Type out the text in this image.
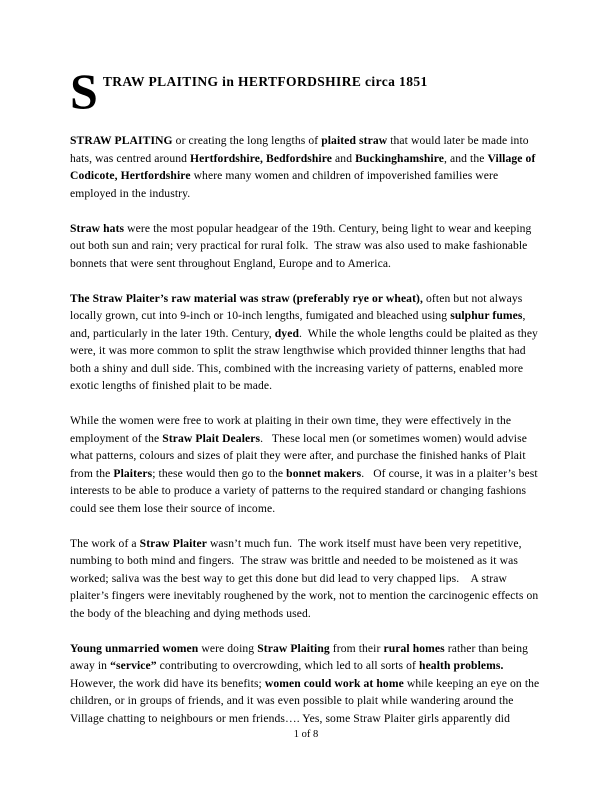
S TRAW PLAITING in HERTFORDSHIRE circa 1851

STRAW PLAITING or creating the long lengths of plaited straw that would later be made into hats, was centred around Hertfordshire, Bedfordshire and Buckinghamshire, and the Village of Codicote, Hertfordshire where many women and children of impoverished families were employed in the industry.

Straw hats were the most popular headgear of the 19th. Century, being light to wear and keeping out both sun and rain; very practical for rural folk.  The straw was also used to make fashionable bonnets that were sent throughout England, Europe and to America.

The Straw Plaiter’s raw material was straw (preferably rye or wheat), often but not always locally grown, cut into 9-inch or 10-inch lengths, fumigated and bleached using sulphur fumes, and, particularly in the later 19th. Century, dyed.  While the whole lengths could be plaited as they were, it was more common to split the straw lengthwise which provided thinner lengths that had both a shiny and dull side. This, combined with the increasing variety of patterns, enabled more exotic lengths of finished plait to be made.

While the women were free to work at plaiting in their own time, they were effectively in the employment of the Straw Plait Dealers.   These local men (or sometimes women) would advise what patterns, colours and sizes of plait they were after, and purchase the finished hanks of Plait from the Plaiters; these would then go to the bonnet makers.   Of course, it was in a plaiter’s best interests to be able to produce a variety of patterns to the required standard or changing fashions could see them lose their source of income.

The work of a Straw Plaiter wasn’t much fun.  The work itself must have been very repetitive, numbing to both mind and fingers.  The straw was brittle and needed to be moistened as it was worked; saliva was the best way to get this done but did lead to very chapped lips.    A straw plaiter’s fingers were inevitably roughened by the work, not to mention the carcinogenic effects on the body of the bleaching and dying methods used.

Young unmarried women were doing Straw Plaiting from their rural homes rather than being away in “service” contributing to overcrowding, which led to all sorts of health problems.  However, the work did have its benefits; women could work at home while keeping an eye on the children, or in groups of friends, and it was even possible to plait while wandering around the Village chatting to neighbours or men friends…. Yes, some Straw Plaiter girls apparently did

1 of 8
